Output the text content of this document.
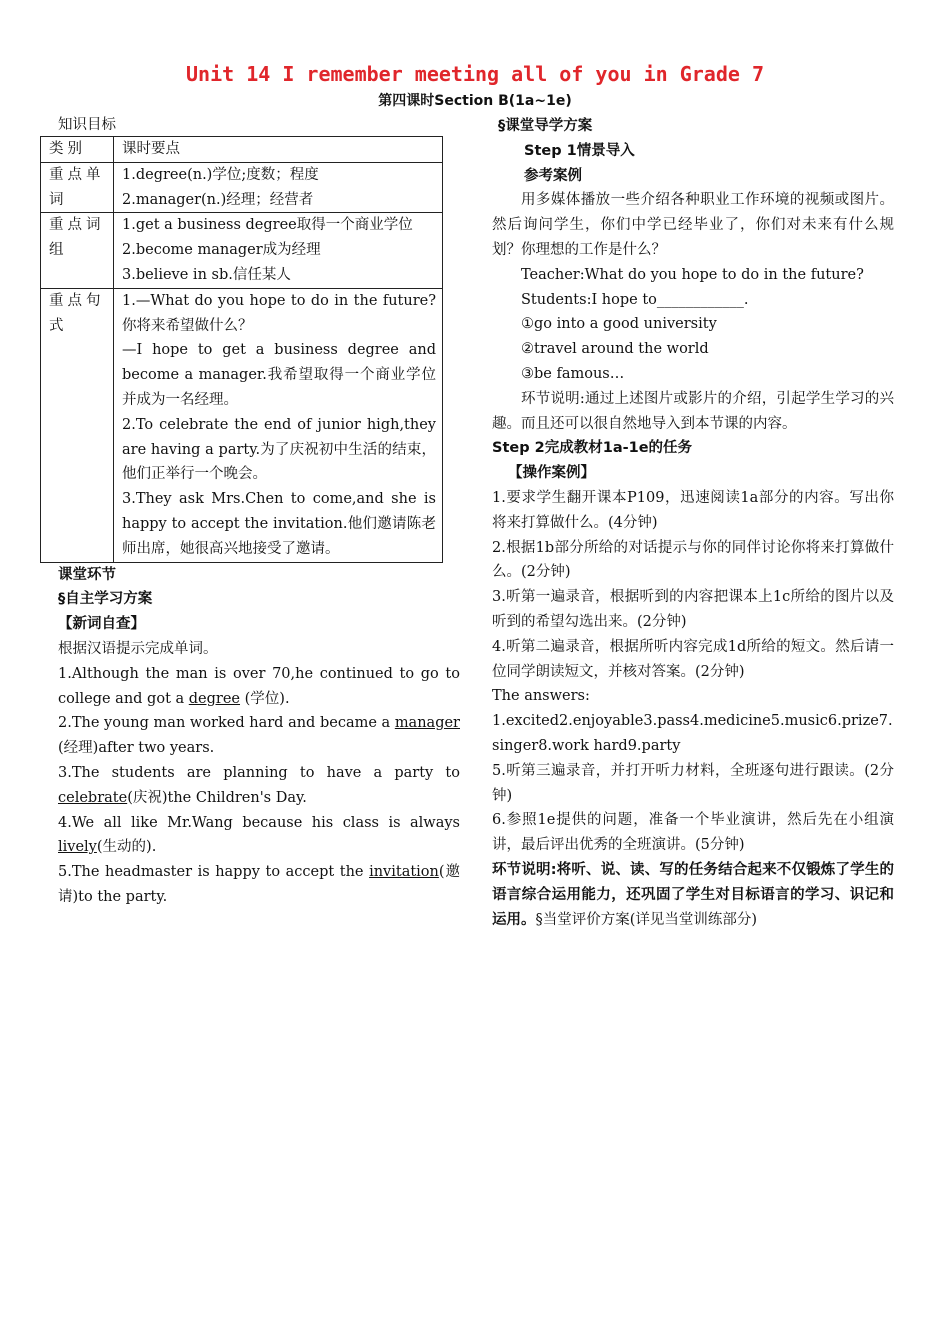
Unit 14 I remember meeting all of you in Grade 7
第四课时Section B(1a~1e)
知识目标
类别	课时要点
重点单词	1.degree(n.)学位;度数；程度
2.manager(n.)经理；经营者

重点词组	1.get a business degree取得一个商业学位
2.become manager成为经理
3.believe in sb.信任某人

重点句式	1.—What do you hope to do in the future?你将来希望做什么？
—I hope to get a business degree and become a manager.我希望取得一个商业学位并成为一名经理。
2.To celebrate the end of junior high,they are having a party.为了庆祝初中生活的结束，他们正举行一个晚会。
3.They ask Mrs.Chen to come,and she is happy to accept the invitation.他们邀请陈老师出席，她很高兴地接受了邀请。
课堂环节
§自主学习方案
【新词自查】
根据汉语提示完成单词。
1.Although the man is over 70,he continued to go to college and got a degree (学位).
2.The young man worked hard and became a manager (经理)after two years.
3.The students are planning to have a party to celebrate(庆祝)the Children's Day.
4.We all like Mr.Wang because his class is always lively(生动的).
5.The headmaster is happy to accept the invitation(邀请)to the party.
§课堂导学方案
Step 1情景导入
参考案例
用多媒体播放一些介绍各种职业工作环境的视频或图片。然后询问学生，你们中学已经毕业了，你们对未来有什么规划？你理想的工作是什么？
Teacher:What do you hope to do in the future?
Students:I hope to____________.
①go into a good university
②travel around the world
③be famous…
环节说明:通过上述图片或影片的介绍，引起学生学习的兴趣。而且还可以很自然地导入到本节课的内容。
Step 2完成教材1a-1e的任务
【操作案例】
1.要求学生翻开课本P109，迅速阅读1a部分的内容。写出你将来打算做什么。(4分钟)
2.根据1b部分所给的对话提示与你的同伴讨论你将来打算做什么。(2分钟)
3.听第一遍录音，根据听到的内容把课本上1c所给的图片以及听到的希望勾选出来。(2分钟)
4.听第二遍录音，根据所听内容完成1d所给的短文。然后请一位同学朗读短文，并核对答案。(2分钟)
The answers:
1.excited2.enjoyable3.pass4.medicine5.music6.prize7.singer8.work hard9.party
5.听第三遍录音，并打开听力材料，全班逐句进行跟读。(2分钟)
6.参照1e提供的问题，准备一个毕业演讲，然后先在小组演讲，最后评出优秀的全班演讲。(5分钟)
环节说明:将听、说、读、写的任务结合起来不仅锻炼了学生的语言综合运用能力，还巩固了学生对目标语言的学习、识记和运用。§当堂评价方案(详见当堂训练部分)
